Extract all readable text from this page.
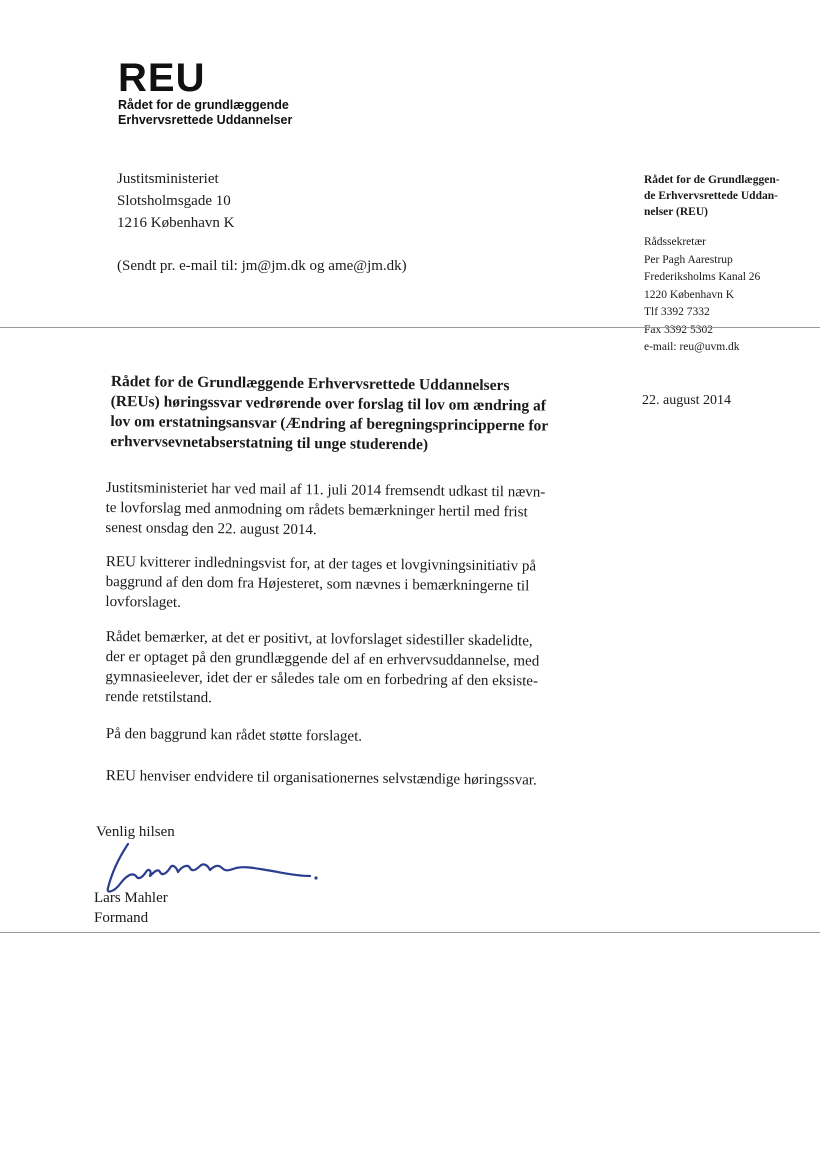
REU
Rådet for de grundlæggende
Erhvervsrettede Uddannelser
Justitsministeriet
Slotsholmsgade 10
1216 København K
(Sendt pr. e-mail til: jm@jm.dk og ame@jm.dk)
Rådet for de Grundlæggen-
de Erhvervsrettede Uddan-
nelser (REU)
Rådssekretær
Per Pagh Aarestrup
Frederiksholms Kanal 26
1220 København K
Tlf 3392 7332
Fax 3392 5302
e-mail: reu@uvm.dk
22. august 2014
Rådet for de Grundlæggende Erhvervsrettede Uddannelsers
(REUs) høringssvar vedrørende over forslag til lov om ændring af
lov om erstatningsansvar (Ændring af beregningsprincipperne for
erhvervsevnetabserstatning til unge studerende)
Justitsministeriet har ved mail af 11. juli 2014 fremsendt udkast til nævn-
te lovforslag med anmodning om rådets bemærkninger hertil med frist
senest onsdag den 22. august 2014.
REU kvitterer indledningsvist for, at der tages et lovgivningsinitiativ på
baggrund af den dom fra Højesteret, som nævnes i bemærkningerne til
lovforslaget.
Rådet bemærker, at det er positivt, at lovforslaget sidestiller skadelidte,
der er optaget på den grundlæggende del af en erhvervsuddannelse, med
gymnasieelever, idet der er således tale om en forbedring af den eksiste-
rende retstilstand.
På den baggrund kan rådet støtte forslaget.
REU henviser endvidere til organisationernes selvstændige høringssvar.
Venlig hilsen
Lars Mahler
Formand
